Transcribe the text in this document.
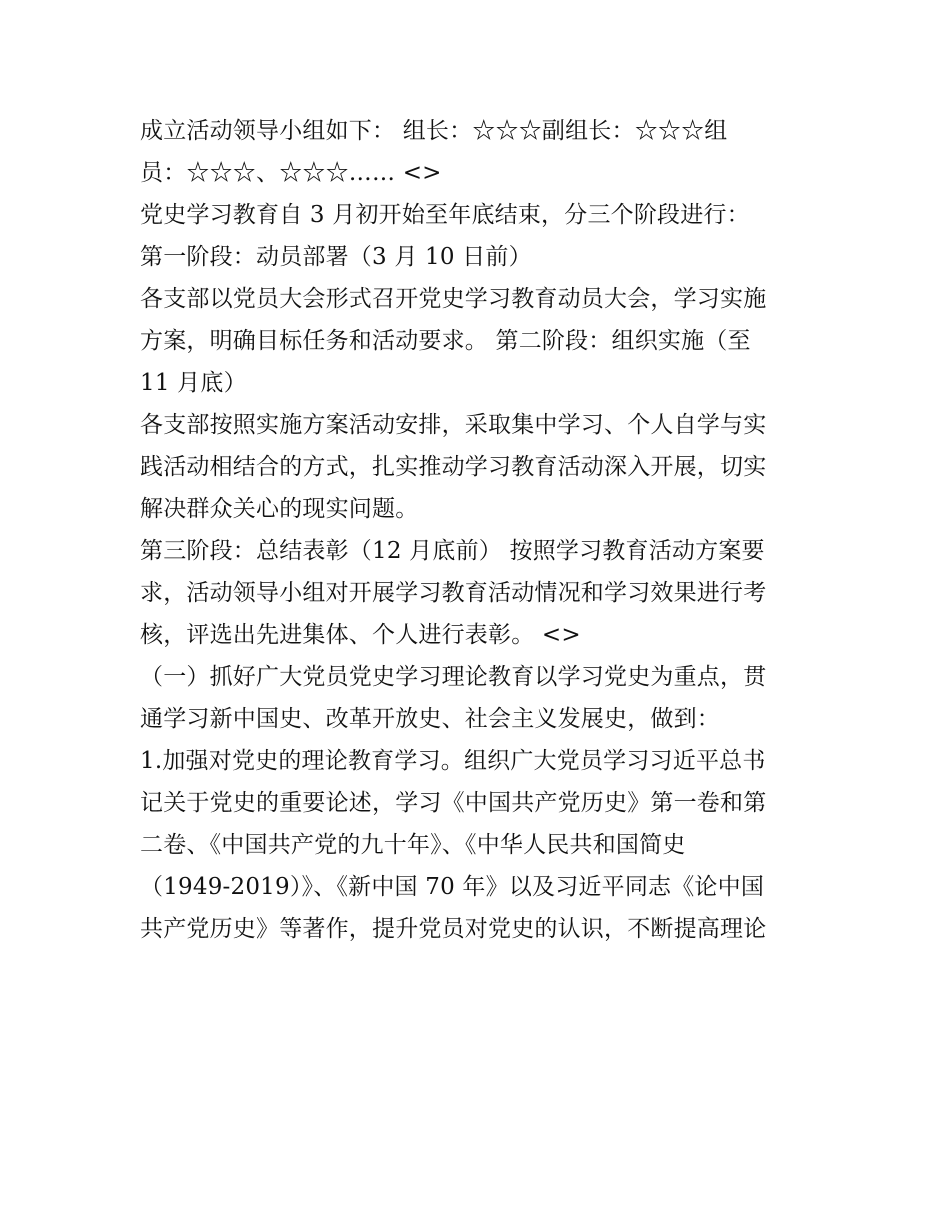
成立活动领导小组如下： 组长：☆☆☆副组长：☆☆☆组
员：☆☆☆、☆☆☆…… <>
党史学习教育自 3 月初开始至年底结束，分三个阶段进行：
第一阶段：动员部署（3 月 10 日前）
各支部以党员大会形式召开党史学习教育动员大会，学习实施
方案，明确目标任务和活动要求。 第二阶段：组织实施（至
11 月底）
各支部按照实施方案活动安排，采取集中学习、个人自学与实
践活动相结合的方式，扎实推动学习教育活动深入开展，切实
解决群众关心的现实问题。
第三阶段：总结表彰（12 月底前） 按照学习教育活动方案要
求，活动领导小组对开展学习教育活动情况和学习效果进行考
核，评选出先进集体、个人进行表彰。 <>
（一）抓好广大党员党史学习理论教育以学习党史为重点，贯
通学习新中国史、改革开放史、社会主义发展史，做到：
1.加强对党史的理论教育学习。组织广大党员学习习近平总书
记关于党史的重要论述，学习《中国共产党历史》第一卷和第
二卷、《中国共产党的九十年》、《中华人民共和国简史
（1949-2019）》、《新中国 70 年》以及习近平同志《论中国
共产党历史》等著作，提升党员对党史的认识，不断提高理论
